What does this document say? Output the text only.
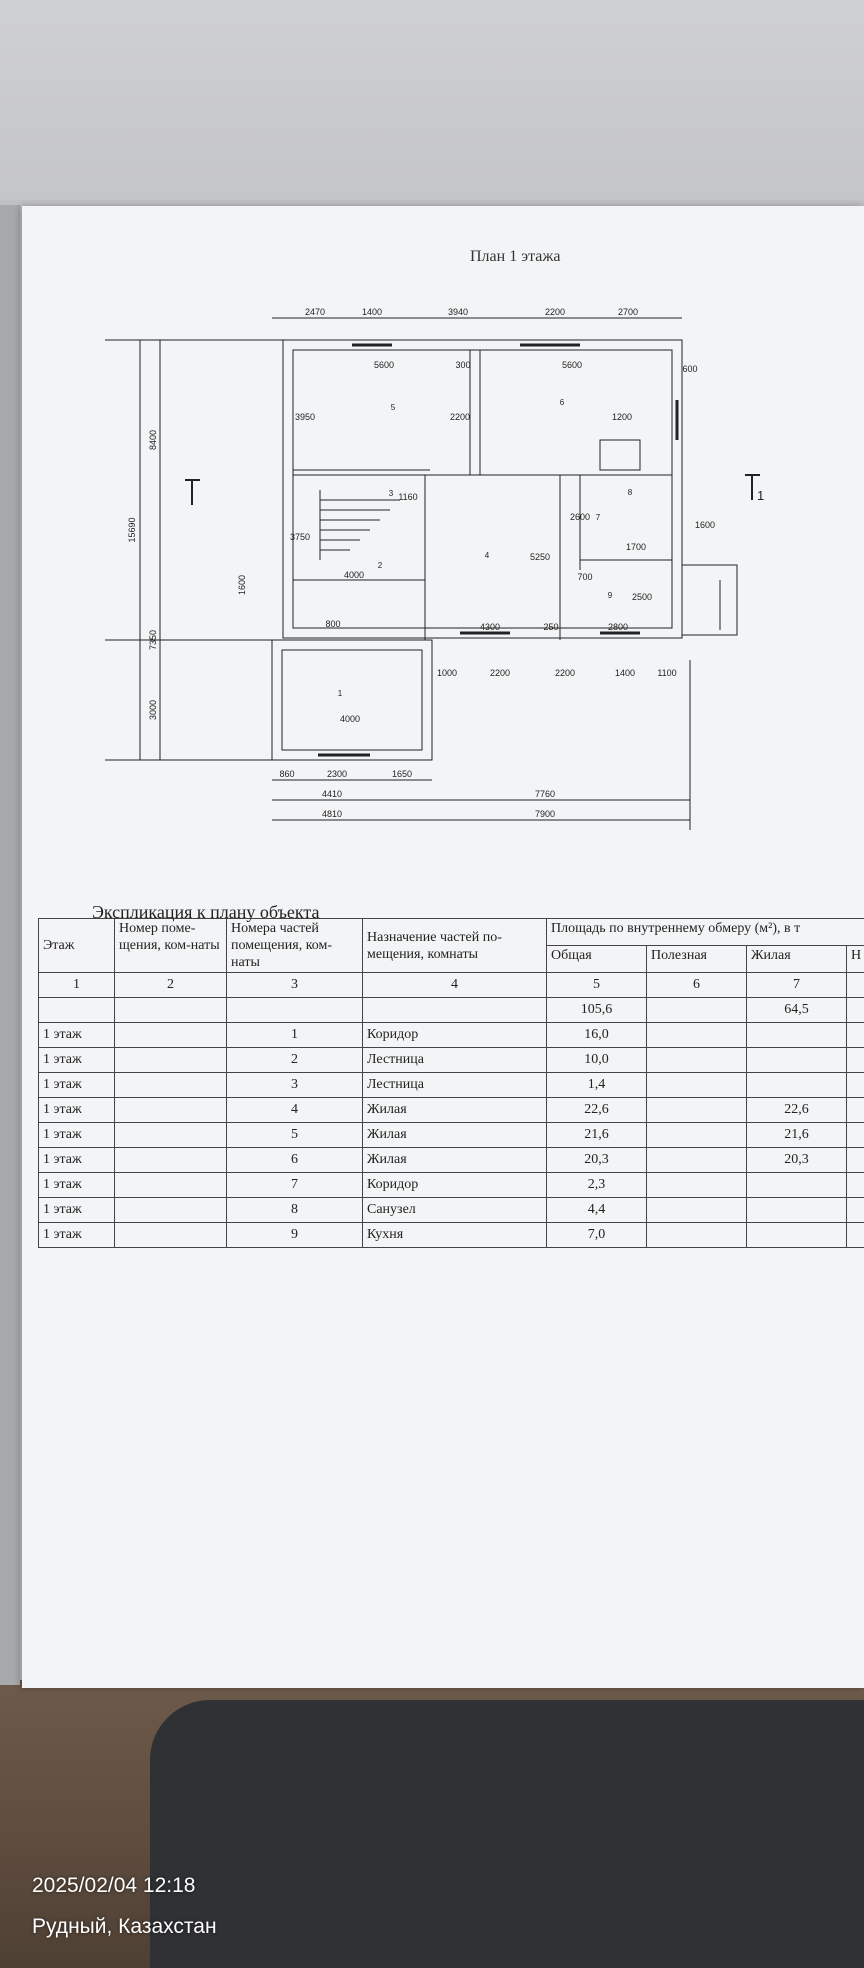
План 1 этажа
1
2
3
4
5
6
7
8
9
2470	1400	3940	2200	2700
5600	300	5600	600
3950	2200	1200
1160
5250
4000
3750
4300	250	2800
700
1700
2600
2500
800
1600
4000
1000	2200	2200	1400 1100
860	2300	1650
4410	7760
4810	7900
15690
8400
7350
3000
1600
1
Экспликация к плану объекта
Этаж	Номер поме-щения, ком-наты	Номера частей помещения, ком-наты	Назначение частей по-мещения, комнаты	Площадь по внутреннему обмеру (м²), в т			
				Общая	Полезная	Жилая	Н
1	2	3	4	5	6	7	
				105,6		64,5	
1 этаж		1	Коридор	16,0			
1 этаж		2	Лестница	10,0			
1 этаж		3	Лестница	1,4			
1 этаж		4	Жилая	22,6		22,6	
1 этаж		5	Жилая	21,6		21,6	
1 этаж		6	Жилая	20,3		20,3	
1 этаж		7	Коридор	2,3			
1 этаж		8	Санузел	4,4			
1 этаж		9	Кухня	7,0			
2025/02/04 12:18
Рудный, Казахстан
